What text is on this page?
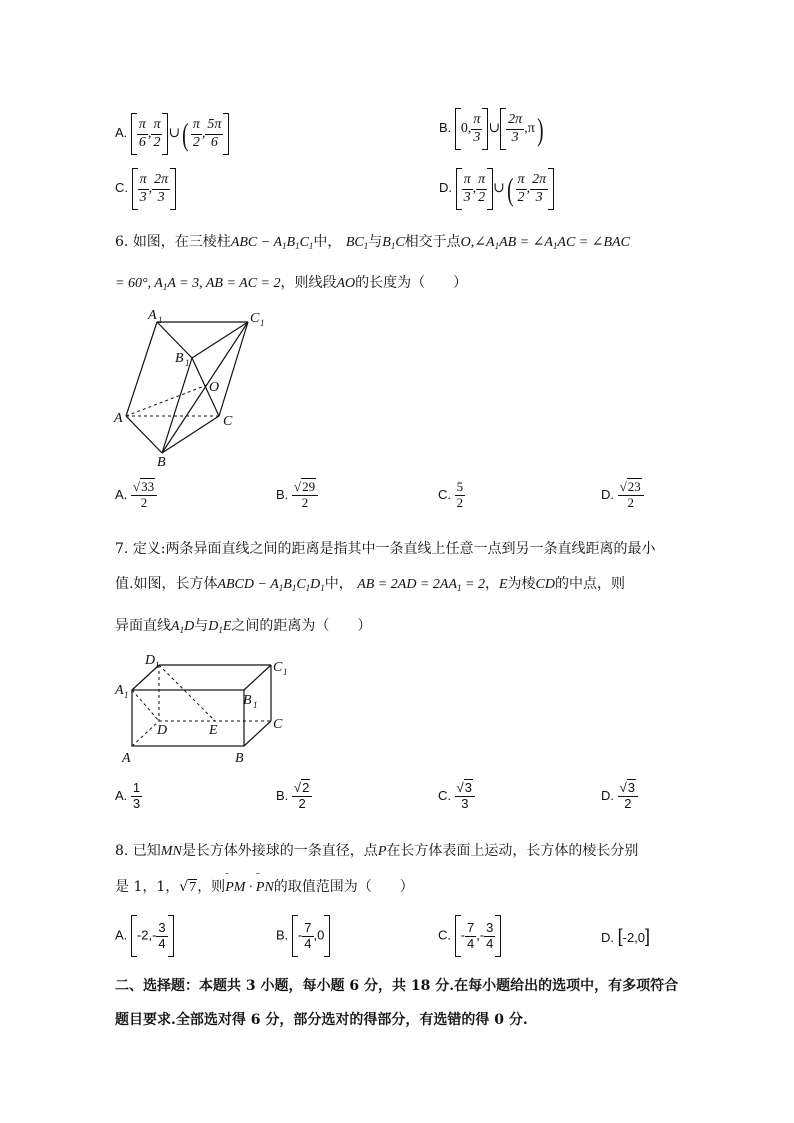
A. $\frac{\pi}{6}$ , $\frac{\pi}{2}$ ∪( $\frac{\pi}{2}$ , $\frac{5\pi}{6}$	B. 0, $\frac{\pi}{3}$ ∪ $\frac{2\pi}{3} ,\pi$)
C. $\frac{\pi}{3}$ , $\frac{2\pi}{3}$	D. $\frac{\pi}{3}$ , $\frac{\pi}{2}$ ∪( $\frac{\pi}{2}$ , $\frac{2\pi}{3}$
6. 如图，在三棱柱ABC − $A_1B_1C_1$中， $BC_1$与$B_1C$相交于点$O,\angle A_1AB$ = $\angle A_1AC$ = ∠BAC
= 60°, $A_1A = 3$, AB = AC = 2，则线段AO的长度为（　　）
A 1	C 1
B 1
O
A	C
B
A. $\frac{√33}{2}$	B. $\frac{√29}{2}$	C. $\frac{5}{2}$	D. $\frac{√23}{2}$
7. 定义:两条异面直线之间的距离是指其中一条直线上任意一点到另一条直线距离的最小
值.如图，长方体ABCD − $A_1B_1C_1D_1$中， AB = $2AD = 2AA_1 = 2$，E为棱CD的中点，则
异面直线$A_1D$与$D_1E$之间的距离为（　　）
D 1	C 1
A 1	B 1
D	E	C
A	B
A. $\frac{1}{3}$	B. $\frac{√2}{2}$	C. $\frac{√3}{3}$	D. $\frac{√3}{2}$
8. 已知MN是长方体外接球的一条直径，点P在长方体表面上运动，长方体的棱长分别
是 1，1，√7，则ᵕᵕᵕ PM · ᵕᵕᵕ PN的取值范围为（　　）
A. $-2,- \frac{3}{4}$	B. - $\frac{7}{4} ,0$	C. - $\frac{7}{4}$ ,- $\frac{3}{4}$	D. [-2,0]
二、选择题：本题共 3 小题，每小题 6 分，共 18 分.在每小题给出的选项中，有多项符合
题目要求.全部选对得 6 分，部分选对的得部分，有选错的得 0 分.
